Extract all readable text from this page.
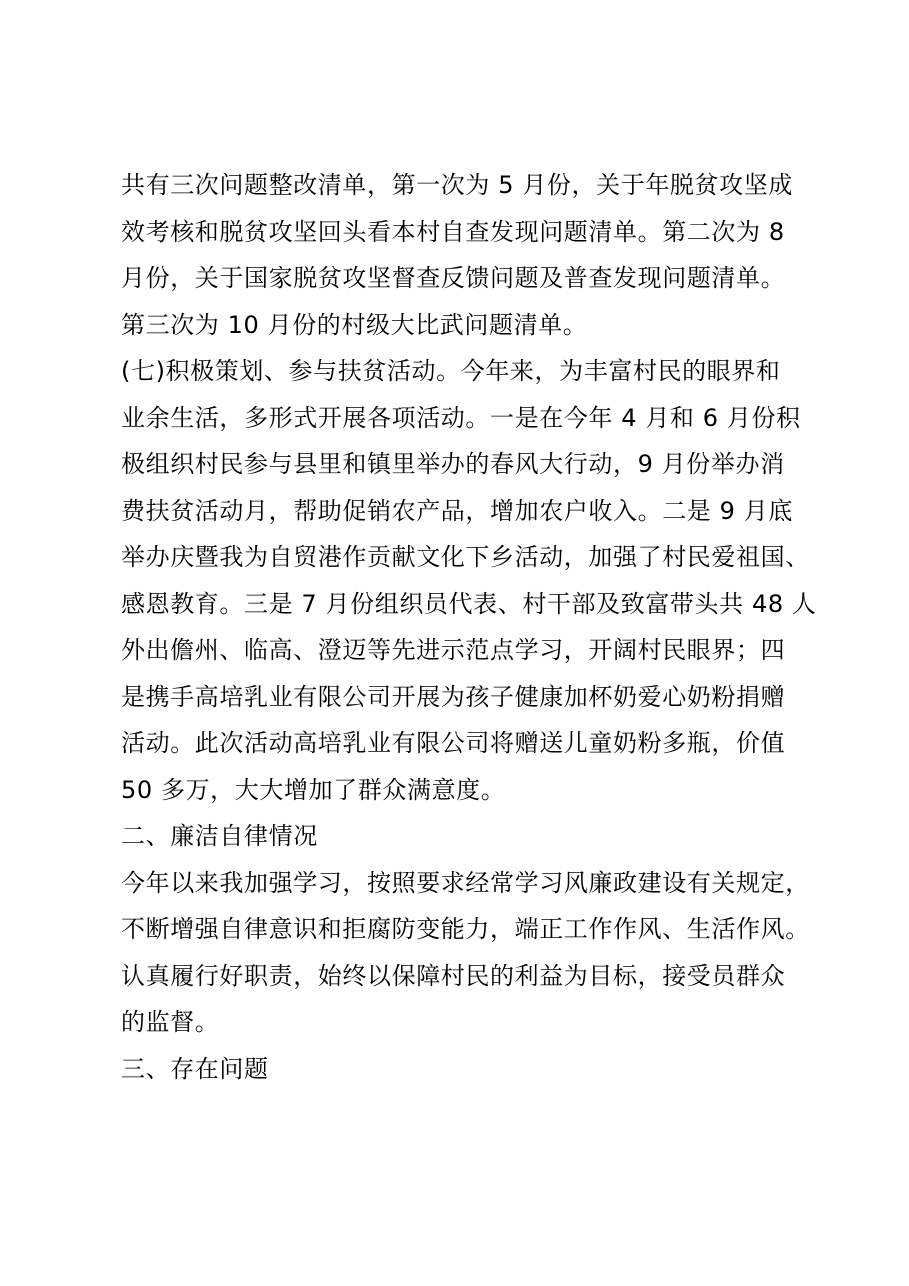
共有三次问题整改清单，第一次为 5 月份，关于年脱贫攻坚成
效考核和脱贫攻坚回头看本村自查发现问题清单。第二次为 8
月份，关于国家脱贫攻坚督查反馈问题及普查发现问题清单。
第三次为 10 月份的村级大比武问题清单。
(七)积极策划、参与扶贫活动。今年来，为丰富村民的眼界和
业余生活，多形式开展各项活动。一是在今年 4 月和 6 月份积
极组织村民参与县里和镇里举办的春风大行动，9 月份举办消
费扶贫活动月，帮助促销农产品，增加农户收入。二是 9 月底
举办庆暨我为自贸港作贡献文化下乡活动，加强了村民爱祖国、
感恩教育。三是 7 月份组织员代表、村干部及致富带头共 48 人
外出儋州、临高、澄迈等先进示范点学习，开阔村民眼界；四
是携手高培乳业有限公司开展为孩子健康加杯奶爱心奶粉捐赠
活动。此次活动高培乳业有限公司将赠送儿童奶粉多瓶，价值
50 多万，大大增加了群众满意度。
二、廉洁自律情况
今年以来我加强学习，按照要求经常学习风廉政建设有关规定，
不断增强自律意识和拒腐防变能力，端正工作作风、生活作风。
认真履行好职责，始终以保障村民的利益为目标，接受员群众
的监督。
三、存在问题
